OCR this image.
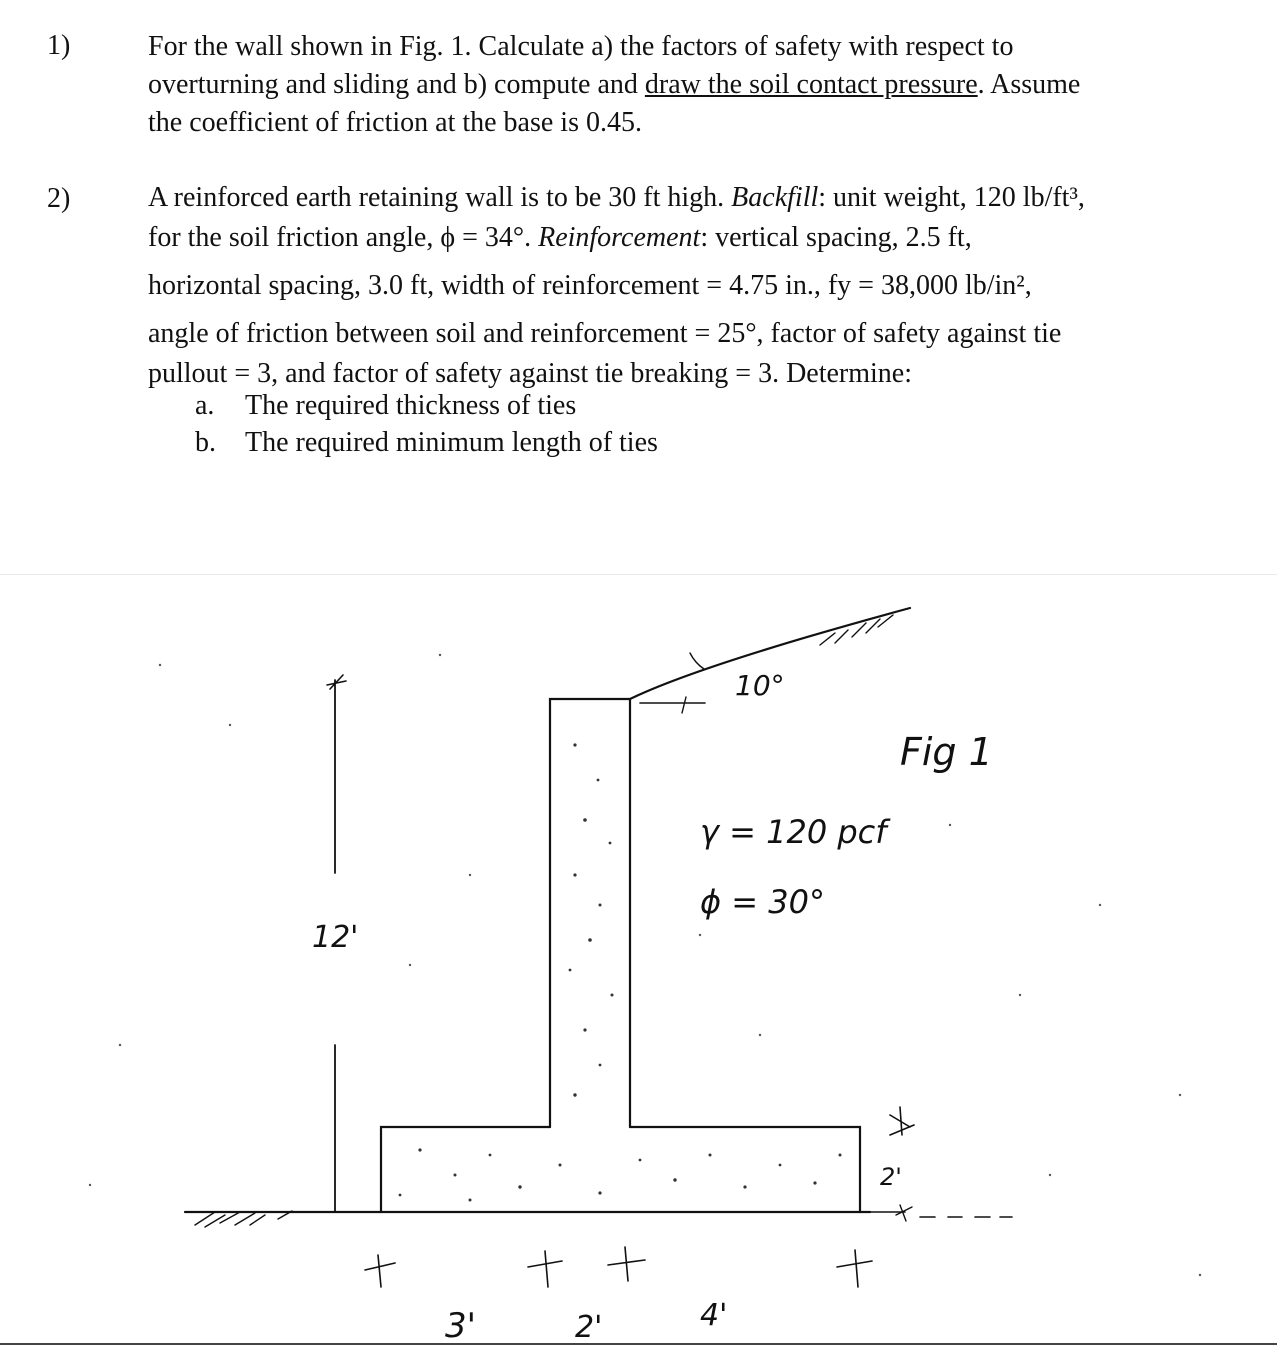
1)	For the wall shown in Fig. 1. Calculate a) the factors of safety with respect to
overturning and sliding and b) compute and draw the soil contact pressure. Assume
the coefficient of friction at the base is 0.45.
2)	A reinforced earth retaining wall is to be 30 ft high. Backfill: unit weight, 120 lb/ft³,
for the soil friction angle, ϕ = 34°. Reinforcement: vertical spacing, 2.5 ft,
horizontal spacing, 3.0 ft, width of reinforcement = 4.75 in., fy = 38,000 lb/in²,
angle of friction between soil and reinforcement = 25°, factor of safety against tie
pullout = 3, and factor of safety against tie breaking = 3. Determine:
a. The required thickness of ties
b. The required minimum length of ties
10°
Fig 1
γ = 120 pcf
ϕ = 30°
12'
2'
3'	2'	4'
